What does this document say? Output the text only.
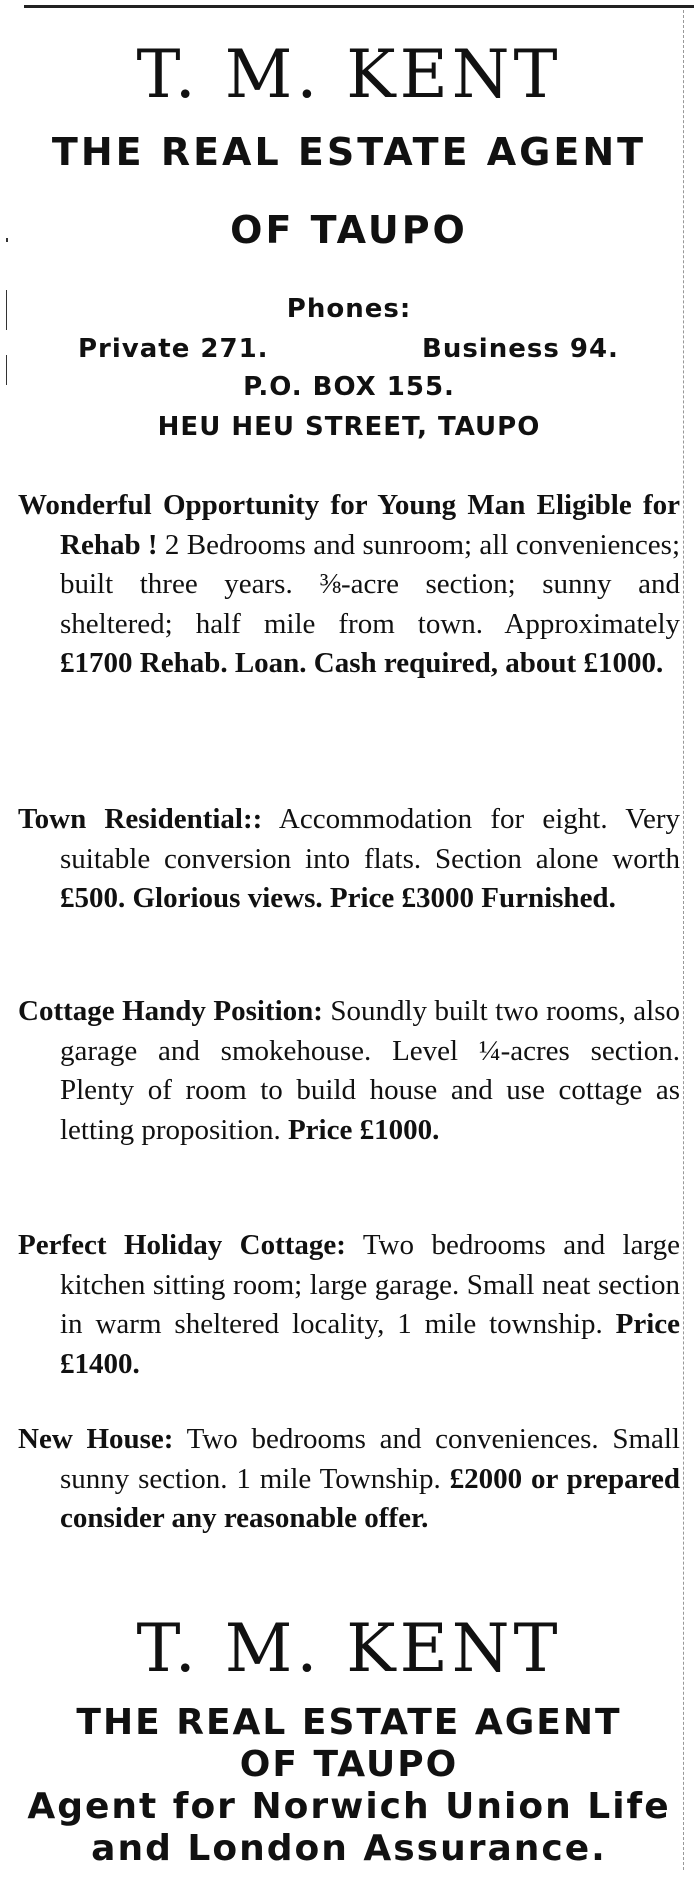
T. M. KENT
THE REAL ESTATE AGENT
OF TAUPO
Phones:
Private 271.	Business 94.
P.O. BOX 155.
HEU HEU STREET, TAUPO
Wonderful Opportunity for Young Man Eligible for Rehab ! 2 Bedrooms and sunroom; all conveniences; built three years. ⅜-acre section; sunny and sheltered; half mile from town. Approximately £1700 Rehab. Loan. Cash required, about £1000.
Town Residential:: Accommodation for eight. Very suitable conversion into flats. Section alone worth £500. Glorious views. Price £3000 Furnished.
Cottage Handy Position: Soundly built two rooms, also garage and smokehouse. Level ¼-acres section. Plenty of room to build house and use cottage as letting proposition. Price £1000.
Perfect Holiday Cottage: Two bedrooms and large kitchen sitting room; large garage. Small neat section in warm sheltered locality, 1 mile township. Price £1400.
New House: Two bedrooms and conveniences. Small sunny section. 1 mile Township. £2000 or prepared consider any reasonable offer.
T. M. KENT
THE REAL ESTATE AGENT
OF TAUPO
Agent for Norwich Union Life
and London Assurance.
